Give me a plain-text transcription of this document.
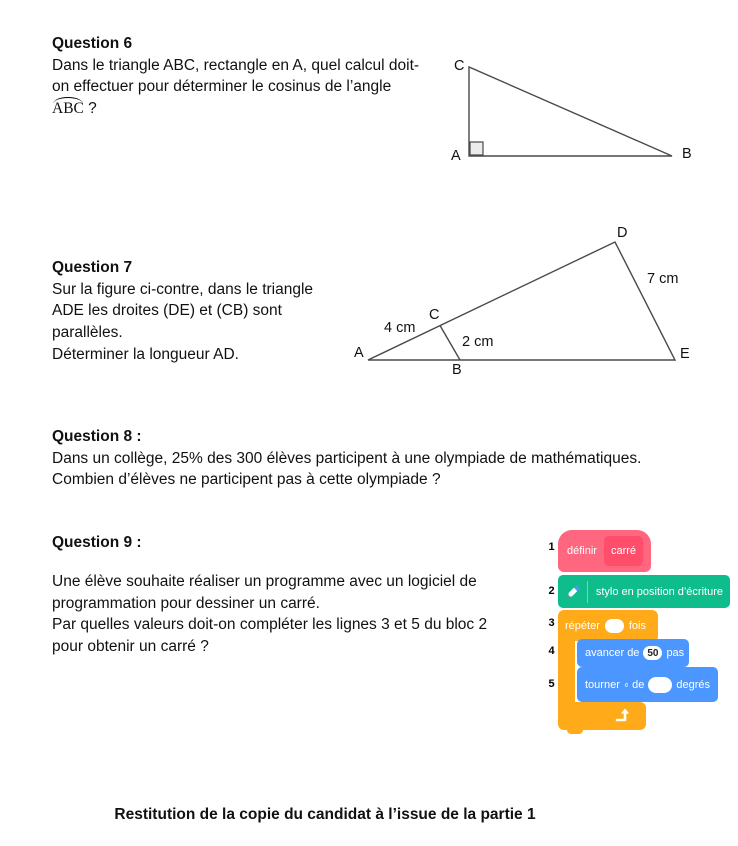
Question 6
Dans le triangle ABC, rectangle en A, quel calcul doit-
on effectuer pour déterminer le cosinus de l’angle
ABC ?
C
A	B
Question 7
Sur la figure ci-contre, dans le triangle
ADE les droites (DE) et (CB) sont
parallèles.
Déterminer la longueur AD.	A
B
C
D
E
4 cm
2 cm
7 cm
Question 8 :
Dans un collège, 25% des 300 élèves participent à une olympiade de mathématiques.
Combien d’élèves ne participent pas à cette olympiade ?
Question 9 :
Une élève souhaite réaliser un programme avec un logiciel de
programmation pour dessiner un carré.
Par quelles valeurs doit-on compléter les lignes 3 et 5 du bloc 2
pour obtenir un carré ?
1
2
3
4
5
définir	carré
stylo en position d’écriture
répéter	fois
avancer de 50 pas
tourner de	degrés
Restitution de la copie du candidat à l’issue de la partie 1
